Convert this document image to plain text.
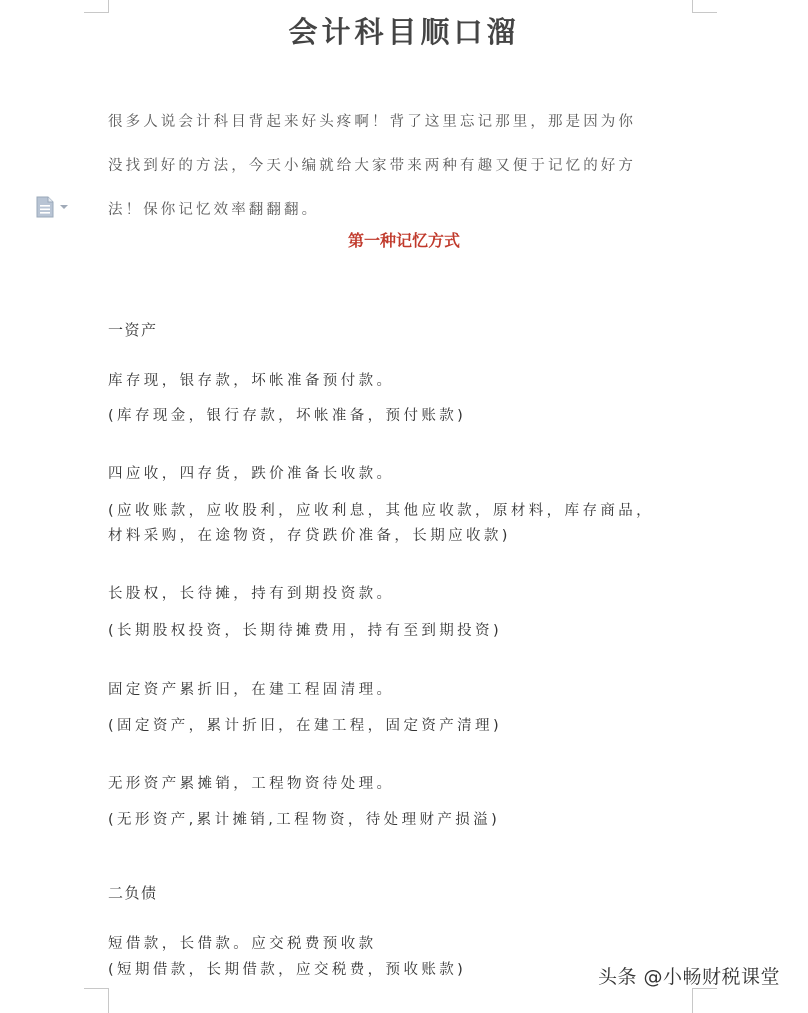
会计科目顺口溜
很多人说会计科目背起来好头疼啊！背了这里忘记那里，那是因为你
没找到好的方法，今天小编就给大家带来两种有趣又便于记忆的好方
法！保你记忆效率翻翻翻。
第一种记忆方式
一资产
库存现，银存款，坏帐准备预付款。
(库存现金，银行存款，坏帐准备，预付账款)
四应收，四存货，跌价准备长收款。
(应收账款，应收股利，应收利息，其他应收款，原材料，库存商品，
材料采购，在途物资，存贷跌价准备，长期应收款)
长股权，长待摊，持有到期投资款。
(长期股权投资，长期待摊费用，持有至到期投资)
固定资产累折旧，在建工程固清理。
(固定资产，累计折旧，在建工程，固定资产清理)
无形资产累摊销，工程物资待处理。
(无形资产,累计摊销,工程物资，待处理财产损溢)
二负债
短借款，长借款。应交税费预收款
(短期借款，长期借款，应交税费，预收账款)	头条 @小畅财税课堂
